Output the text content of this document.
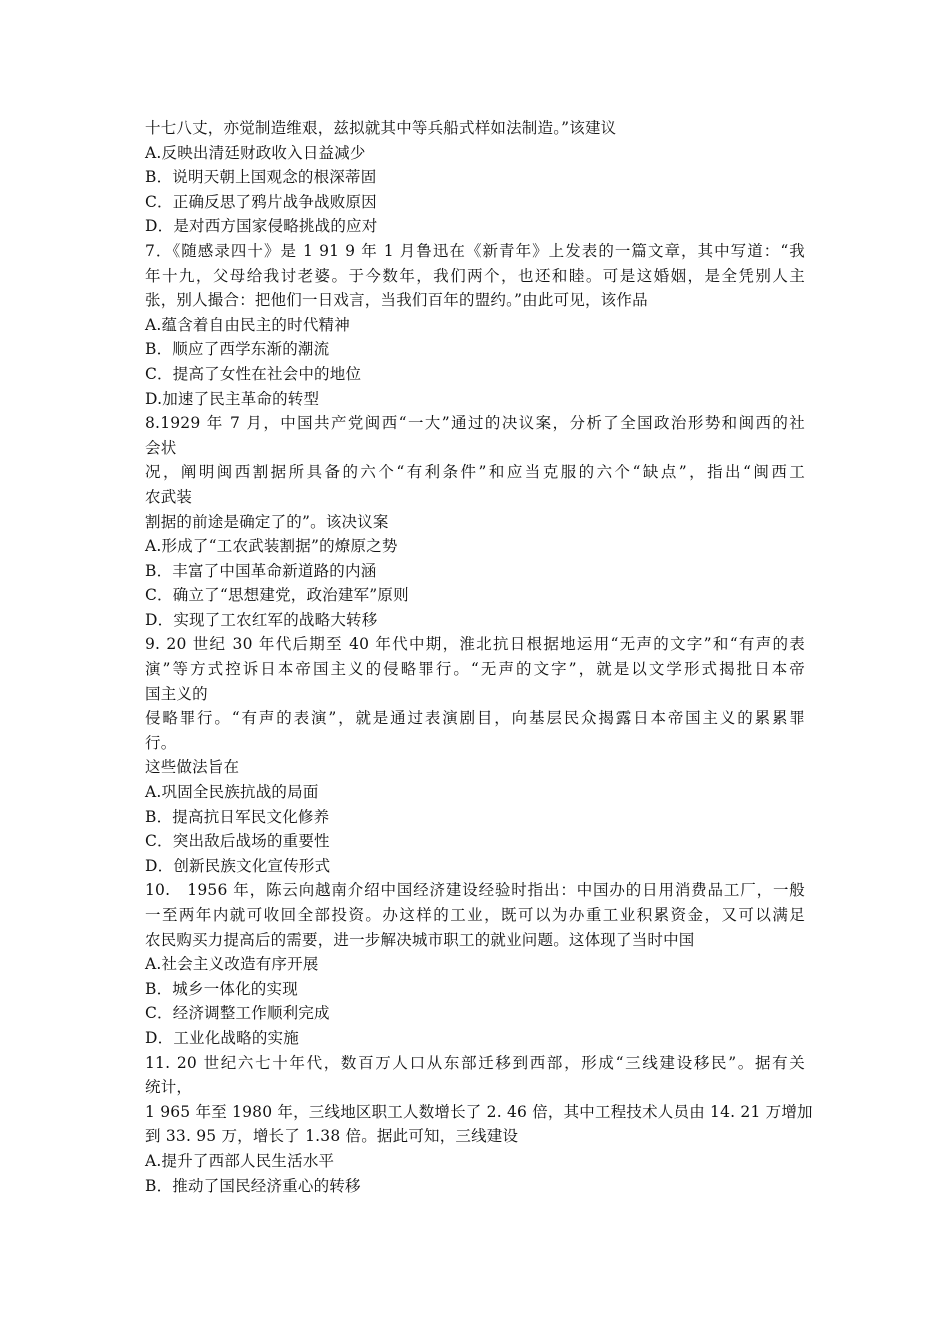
十七八丈，亦觉制造维艰，兹拟就其中等兵船式样如法制造。”该建议
A.反映出清廷财政收入日益减少
B．说明天朝上国观念的根深蒂固
C．正确反思了鸦片战争战败原因
D．是对西方国家侵略挑战的应对
7．《随感录四十》是 1 91 9 年 1 月鲁迅在《新青年》上发表的一篇文章，其中写道：“我
年十九，父母给我讨老婆。于今数年，我们两个，也还和睦。可是这婚姻，是全凭别人主
张，别人撮合：把他们一日戏言，当我们百年的盟约。”由此可见，该作品
A.蕴含着自由民主的时代精神
B．顺应了西学东渐的潮流
C．提高了女性在社会中的地位
D.加速了民主革命的转型
8.1929 年 7 月，中国共产党闽西“一大”通过的决议案，分析了全国政治形势和闽西的社
会状
况，阐明闽西割据所具备的六个“有利条件”和应当克服的六个“缺点”，指出“闽西工
农武装
割据的前途是确定了的”。该决议案
A.形成了“工农武装割据”的燎原之势
B．丰富了中国革命新道路的内涵
C．确立了“思想建党，政治建军”原则
D．实现了工农红军的战略大转移
9. 20 世纪 30 年代后期至 40 年代中期，淮北抗日根据地运用“无声的文字”和“有声的表
演”等方式控诉日本帝国主义的侵略罪行。“无声的文字”，就是以文学形式揭批日本帝
国主义的
侵略罪行。“有声的表演”，就是通过表演剧目，向基层民众揭露日本帝国主义的累累罪
行。
这些做法旨在
A.巩固全民族抗战的局面
B．提高抗日军民文化修养
C．突出敌后战场的重要性
D．创新民族文化宣传形式
10.　1956 年，陈云向越南介绍中国经济建设经验时指出：中国办的日用消费品工厂，一般
一至两年内就可收回全部投资。办这样的工业，既可以为办重工业积累资金，又可以满足
农民购买力提高后的需要，进一步解决城市职工的就业问题。这体现了当时中国
A.社会主义改造有序开展
B．城乡一体化的实现
C．经济调整工作顺利完成
D．工业化战略的实施
11. 20 世纪六七十年代，数百万人口从东部迁移到西部，形成“三线建设移民”。据有关
统计，
1 965 年至 1980 年，三线地区职工人数增长了 2. 46 倍，其中工程技术人员由 14. 21 万增加
到 33. 95 万，增长了 1.38 倍。据此可知，三线建设
A.提升了西部人民生活水平
B．推动了国民经济重心的转移
